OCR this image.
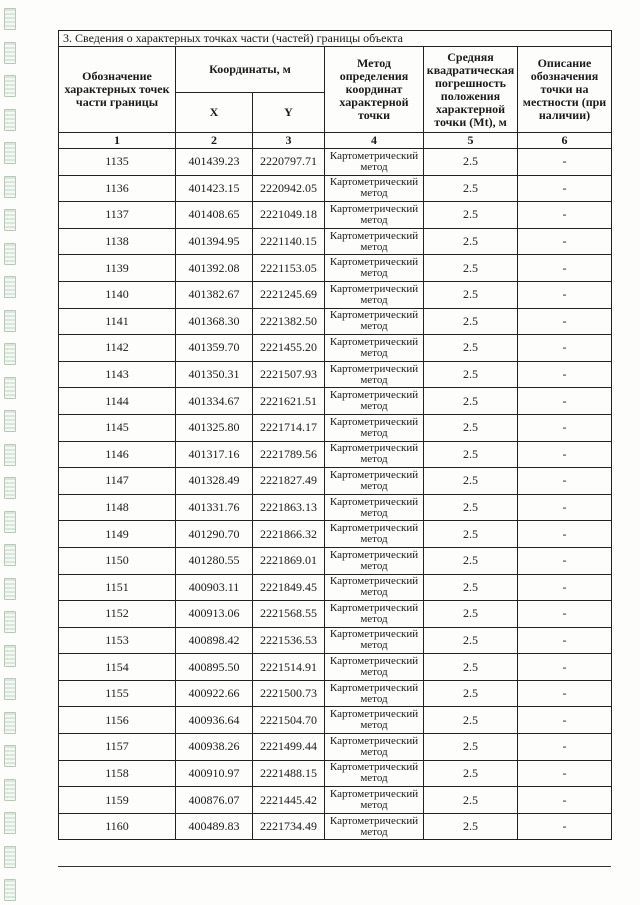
3. Сведения о характерных точках части (частей) границы объекта					
Обозначение характерных точек части границы	Координаты, м		Метод определения координат характерной точки	Средняя квадратическая погрешность положения характерной точки (Mt), м	Описание обозначения точки на местности (при наличии)
	X	Y			
1	2	3	4	5	6
1135	401439.23	2220797.71	Картометрический метод	2.5	-
1136	401423.15	2220942.05	Картометрический метод	2.5	-
1137	401408.65	2221049.18	Картометрический метод	2.5	-
1138	401394.95	2221140.15	Картометрический метод	2.5	-
1139	401392.08	2221153.05	Картометрический метод	2.5	-
1140	401382.67	2221245.69	Картометрический метод	2.5	-
1141	401368.30	2221382.50	Картометрический метод	2.5	-
1142	401359.70	2221455.20	Картометрический метод	2.5	-
1143	401350.31	2221507.93	Картометрический метод	2.5	-
1144	401334.67	2221621.51	Картометрический метод	2.5	-
1145	401325.80	2221714.17	Картометрический метод	2.5	-
1146	401317.16	2221789.56	Картометрический метод	2.5	-
1147	401328.49	2221827.49	Картометрический метод	2.5	-
1148	401331.76	2221863.13	Картометрический метод	2.5	-
1149	401290.70	2221866.32	Картометрический метод	2.5	-
1150	401280.55	2221869.01	Картометрический метод	2.5	-
1151	400903.11	2221849.45	Картометрический метод	2.5	-
1152	400913.06	2221568.55	Картометрический метод	2.5	-
1153	400898.42	2221536.53	Картометрический метод	2.5	-
1154	400895.50	2221514.91	Картометрический метод	2.5	-
1155	400922.66	2221500.73	Картометрический метод	2.5	-
1156	400936.64	2221504.70	Картометрический метод	2.5	-
1157	400938.26	2221499.44	Картометрический метод	2.5	-
1158	400910.97	2221488.15	Картометрический метод	2.5	-
1159	400876.07	2221445.42	Картометрический метод	2.5	-
1160	400489.83	2221734.49	Картометрический метод	2.5	-
